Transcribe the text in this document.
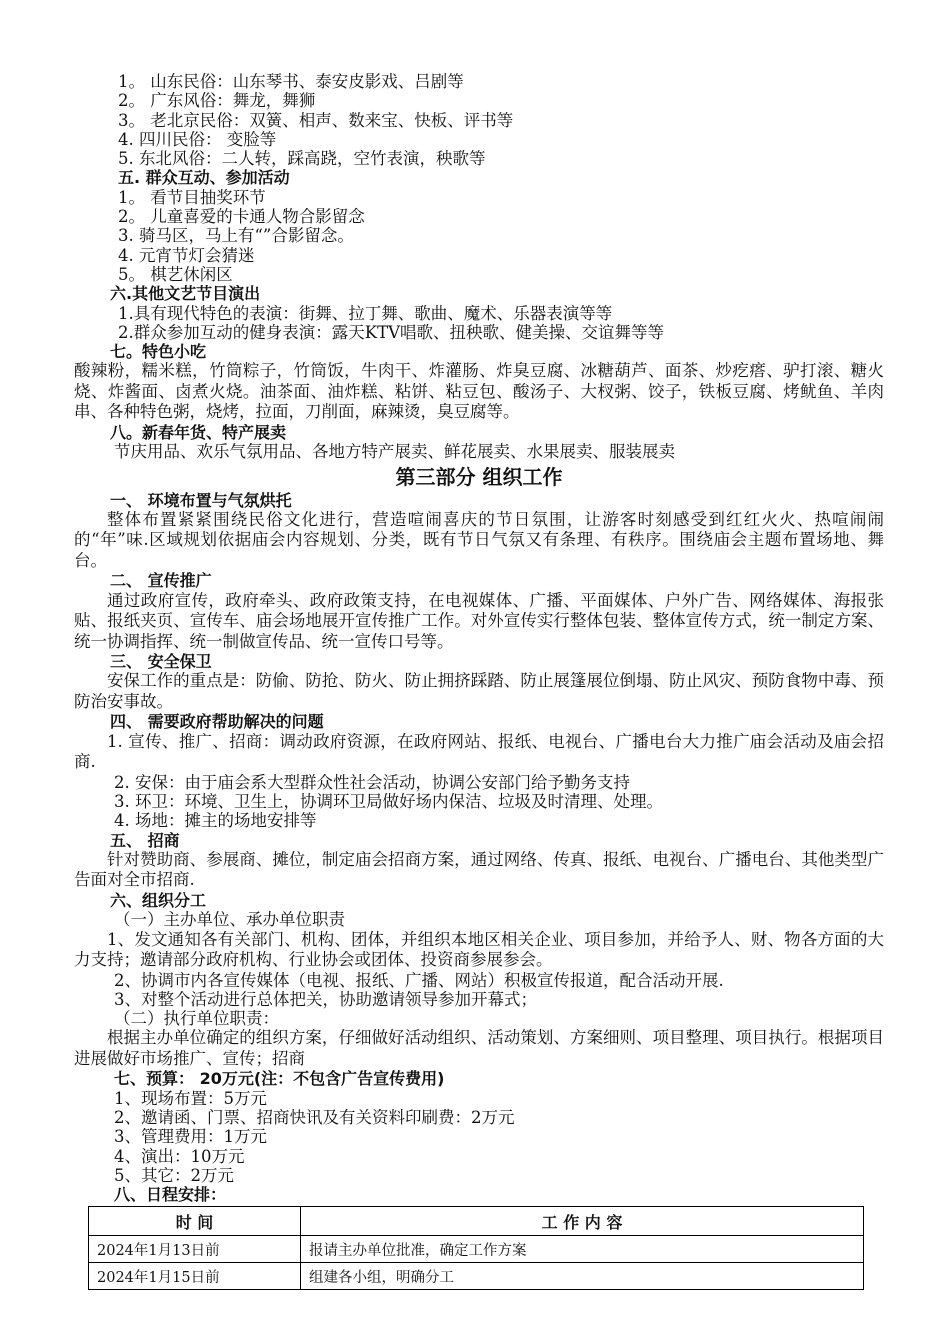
1。 山东民俗：山东琴书、泰安皮影戏、吕剧等
2。 广东风俗：舞龙，舞狮
3。 老北京民俗：双簧、相声、数来宝、快板、评书等
4. 四川民俗： 变脸等
5. 东北风俗：二人转，踩高跷，空竹表演，秧歌等
五. 群众互动、参加活动
1。 看节目抽奖环节
2。 儿童喜爱的卡通人物合影留念
3. 骑马区，马上有“”合影留念。
4. 元宵节灯会猜迷
5。 棋艺休闲区
六.其他文艺节目演出
1.具有现代特色的表演：街舞、拉丁舞、歌曲、魔术、乐器表演等等
2.群众参加互动的健身表演：露天KTV唱歌、扭秧歌、健美操、交谊舞等等
七。特色小吃
酸辣粉，糯米糕，竹筒粽子，竹筒饭，牛肉干、炸灌肠、炸臭豆腐、冰糖葫芦、面茶、炒疙瘩、驴打滚、糖火烧、炸酱面、卤煮火烧。油茶面、油炸糕、粘饼、粘豆包、酸汤子、大杈粥、饺子，铁板豆腐、烤鱿鱼、羊肉串、各种特色粥，烧烤，拉面，刀削面，麻辣烫，臭豆腐等。
八。新春年货、特产展卖
节庆用品、欢乐气氛用品、各地方特产展卖、鲜花展卖、水果展卖、服装展卖
第三部分 组织工作
一、 环境布置与气氛烘托
整体布置紧紧围绕民俗文化进行，营造喧闹喜庆的节日氛围，让游客时刻感受到红红火火、热喧闹闹的“年”味.区域规划依据庙会内容规划、分类，既有节日气氛又有条理、有秩序。围绕庙会主题布置场地、舞台。
二、 宣传推广
通过政府宣传，政府牵头、政府政策支持，在电视媒体、广播、平面媒体、户外广告、网络媒体、海报张贴、报纸夹页、宣传车、庙会场地展开宣传推广工作。对外宣传实行整体包装、整体宣传方式，统一制定方案、统一协调指挥、统一制做宣传品、统一宣传口号等。
三、 安全保卫
安保工作的重点是：防偷、防抢、防火、防止拥挤踩踏、防止展篷展位倒塌、防止风灾、预防食物中毒、预防治安事故。
四、 需要政府帮助解决的问题
1. 宣传、推广、招商：调动政府资源，在政府网站、报纸、电视台、广播电台大力推广庙会活动及庙会招商.
2. 安保：由于庙会系大型群众性社会活动，协调公安部门给予勤务支持
3. 环卫：环境、卫生上，协调环卫局做好场内保洁、垃圾及时清理、处理。
4. 场地：摊主的场地安排等
五、 招商
针对赞助商、参展商、摊位，制定庙会招商方案，通过网络、传真、报纸、电视台、广播电台、其他类型广告面对全市招商.
六、组织分工
（一）主办单位、承办单位职责
1、发文通知各有关部门、机构、团体，并组织本地区相关企业、项目参加，并给予人、财、物各方面的大力支持；邀请部分政府机构、行业协会或团体、投资商参展参会。
2、协调市内各宣传媒体（电视、报纸、广播、网站）积极宣传报道，配合活动开展.
3、对整个活动进行总体把关，协助邀请领导参加开幕式；
（二）执行单位职责：
根据主办单位确定的组织方案，仔细做好活动组织、活动策划、方案细则、项目整理、项目执行。根据项目进展做好市场推广、宣传；招商
七、预算： 20万元(注：不包含广告宣传费用)
1、现场布置：5万元
2、邀请函、门票、招商快讯及有关资料印刷费：2万元
3、管理费用：1万元
4、演出：10万元
5、其它：2万元
八、日程安排：
时 间	工 作 内 容
2024年1月13日前	报请主办单位批准，确定工作方案
2024年1月15日前	组建各小组，明确分工
